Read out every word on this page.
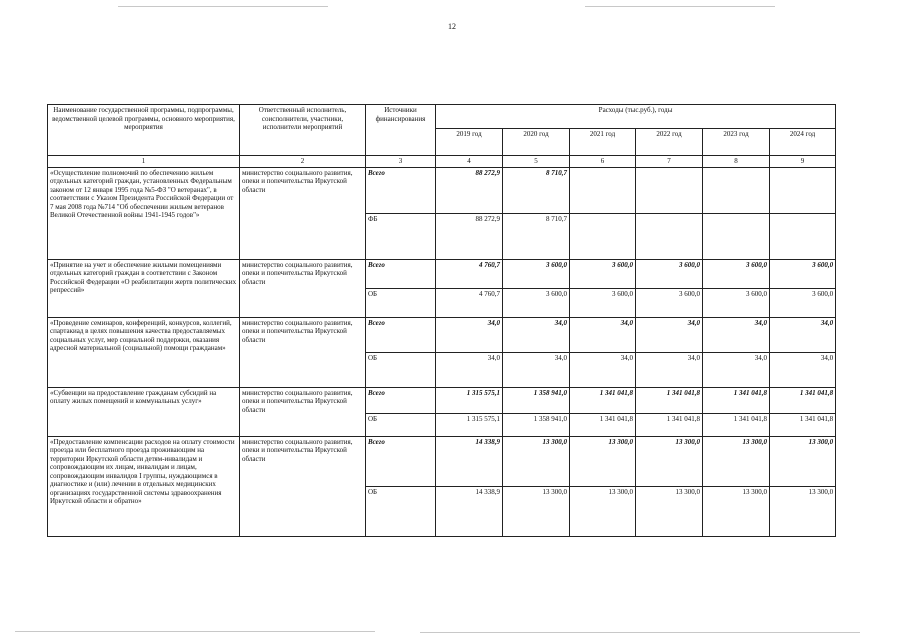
12
Наименование государственной программы, подпрограммы, ведомственной целевой программы, основного мероприятия, мероприятия	Ответственный исполнитель, соисполнители, участники, исполнители мероприятий	Источники финансирования	Расходы (тыс.руб.), годы					
			2019 год	2020 год	2021 год	2022 год	2023 год	2024 год
1	2	3	4	5	6	7	8	9
«Осуществление полномочий по обеспечению жильем отдельных категорий граждан, установленных Федеральным законом от 12 января 1995 года №5-ФЗ "О ветеранах", в соответствии с Указом Президента Российской Федерации от 7 мая 2008 года №714 "Об обеспечении жильем ветеранов Великой Отечественной войны 1941-1945 годов"»	министерство социального развития, опеки и попечительства Иркутской области	Всего	88 272,9	8 710,7				
		ФБ	88 272,9	8 710,7				
«Принятие на учет и обеспечение жилыми помещениями отдельных категорий граждан в соответствии с Законом Российской Федерации «О реабилитации жертв политических репрессий»	министерство социального развития, опеки и попечительства Иркутской области	Всего	4 760,7	3 600,0	3 600,0	3 600,0	3 600,0	3 600,0
		ОБ	4 760,7	3 600,0	3 600,0	3 600,0	3 600,0	3 600,0
«Проведение семинаров, конференций, конкурсов, коллегий, спартакиад в целях повышения качества предоставляемых социальных услуг, мер социальной поддержки, оказания адресной материальной (социальной) помощи гражданам»	министерство социального развития, опеки и попечительства Иркутской области	Всего	34,0	34,0	34,0	34,0	34,0	34,0
		ОБ	34,0	34,0	34,0	34,0	34,0	34,0
«Субвенции на предоставление гражданам субсидий на оплату жилых помещений и коммунальных услуг»	министерство социального развития, опеки и попечительства Иркутской области	Всего	1 315 575,1	1 358 941,0	1 341 041,8	1 341 041,8	1 341 041,8	1 341 041,8
		ОБ	1 315 575,1	1 358 941,0	1 341 041,8	1 341 041,8	1 341 041,8	1 341 041,8
«Предоставление компенсации расходов на оплату стоимости проезда или бесплатного проезда проживающим на территории Иркутской области детям-инвалидам и сопровождающим их лицам, инвалидам и лицам, сопровождающим инвалидов I группы, нуждающимся в диагностике и (или) лечении в отдельных медицинских организациях государственной системы здравоохранения Иркутской области и обратно»	министерство социального развития, опеки и попечительства Иркутской области	Всего	14 338,9	13 300,0	13 300,0	13 300,0	13 300,0	13 300,0
		ОБ	14 338,9	13 300,0	13 300,0	13 300,0	13 300,0	13 300,0
